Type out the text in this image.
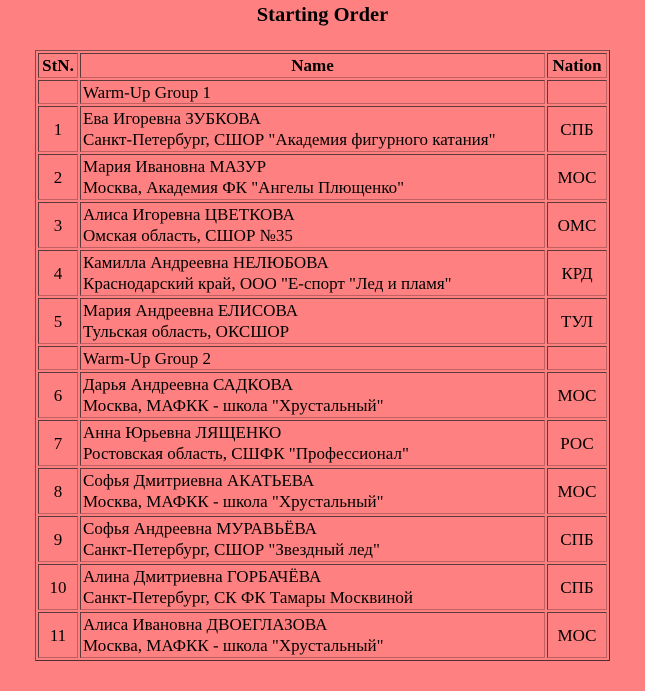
Starting Order
StN.	Name	Nation
	Warm-Up Group 1	
1	Ева Игоревна ЗУБКОВА
Санкт-Петербург, СШОР "Академия фигурного катания"	СПБ
2	Мария Ивановна МАЗУР
Москва, Академия ФК "Ангелы Плющенко"	МОС
3	Алиса Игоревна ЦВЕТКОВА
Омская область, СШОР №35	ОМС
4	Камилла Андреевна НЕЛЮБОВА
Краснодарский край, ООО "Е-спорт "Лед и пламя"	КРД
5	Мария Андреевна ЕЛИСОВА
Тульская область, ОКСШОР	ТУЛ
	Warm-Up Group 2	
6	Дарья Андреевна САДКОВА
Москва, МАФКК - школа "Хрустальный"	МОС
7	Анна Юрьевна ЛЯЩЕНКО
Ростовская область, СШФК "Профессионал"	РОС
8	Софья Дмитриевна АКАТЬЕВА
Москва, МАФКК - школа "Хрустальный"	МОС
9	Софья Андреевна МУРАВЬЁВА
Санкт-Петербург, СШОР "Звездный лед"	СПБ
10	Алина Дмитриевна ГОРБАЧЁВА
Санкт-Петербург, СК ФК Тамары Москвиной	СПБ
11	Алиса Ивановна ДВОЕГЛАЗОВА
Москва, МАФКК - школа "Хрустальный"	МОС
